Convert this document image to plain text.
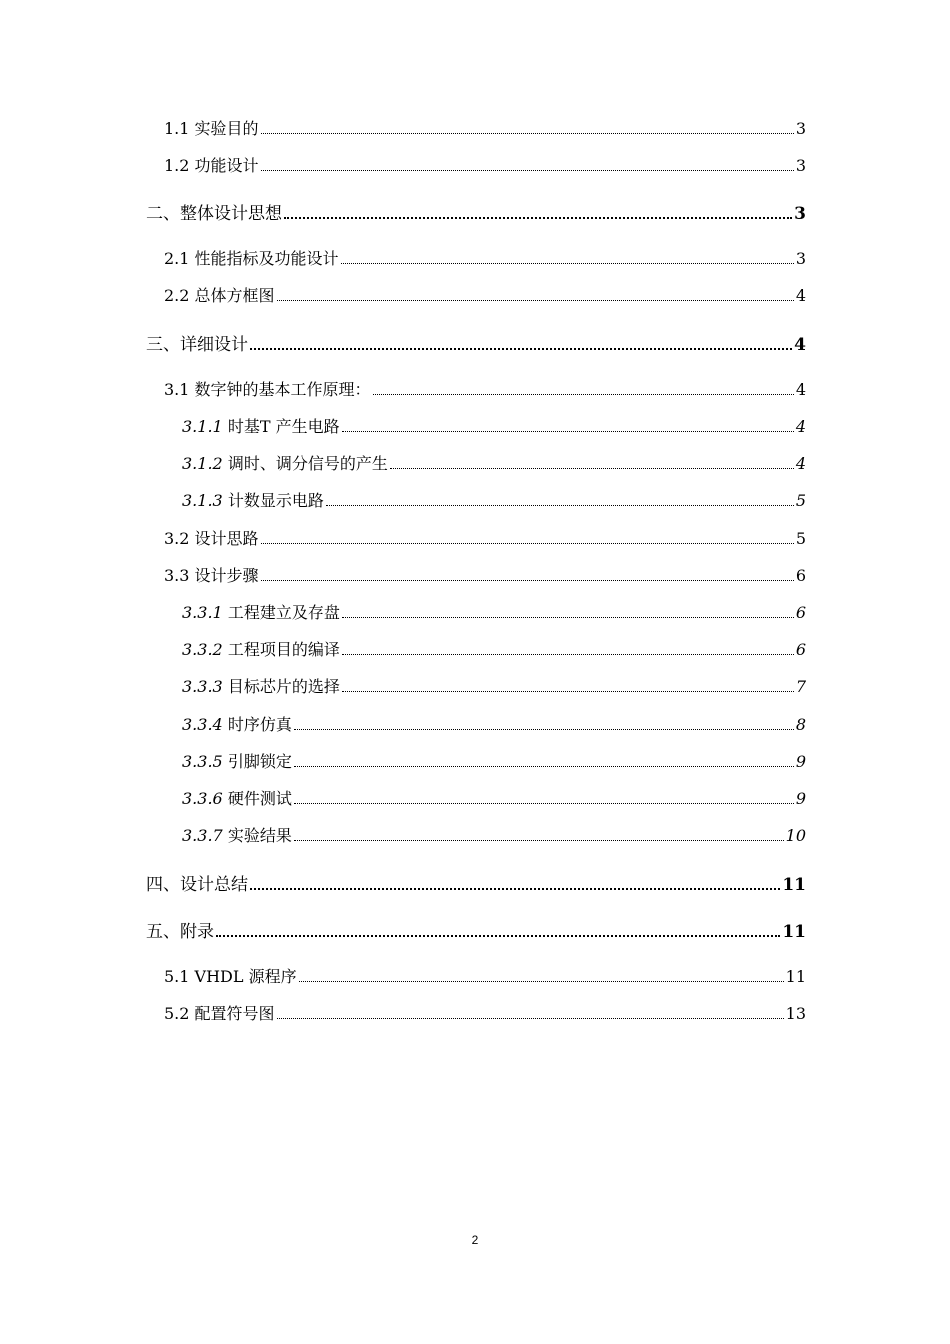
1.1 实验目的	3
1.2 功能设计	3
二、整体设计思想	3
2.1 性能指标及功能设计	3
2.2 总体方框图	4
三、详细设计	4
3.1 数字钟的基本工作原理：	4
3.1.1 时基T 产生电路	4
3.1.2 调时、调分信号的产生	4
3.1.3 计数显示电路	5
3.2 设计思路	5
3.3 设计步骤	6
3.3.1 工程建立及存盘	6
3.3.2 工程项目的编译	6
3.3.3 目标芯片的选择	7
3.3.4 时序仿真	8
3.3.5 引脚锁定	9
3.3.6 硬件测试	9
3.3.7 实验结果	10
四、设计总结	11
五、附录	11
5.1 VHDL 源程序	11
5.2 配置符号图	13
2
